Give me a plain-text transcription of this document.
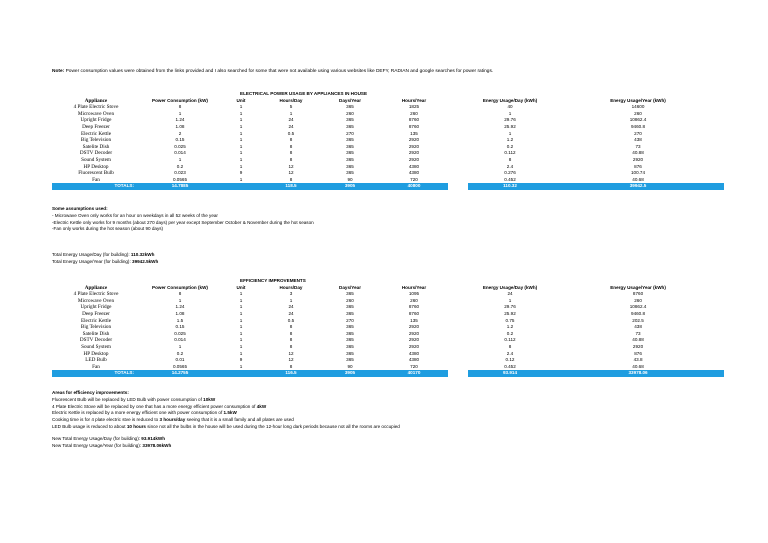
Note: Power consumption values were obtained from the links provided and I also searched for some that were not available using various websites like DEFY, RADIAN and google searches for power ratings.
ELECTRICAL POWER USAGE BY APPLIANCES IN HOUSE								
Appliance	Power Consumption (kW)	Unit	Hours/Day	Days/Year	Hours/Year		Energy Usage/Day (kWh)	Energy Usage/Year (kWh)
4 Plate Electric Stove	8	1	5	365	1825		40	14600
Microwave Oven	1	1	1	260	260		1	260
Upright Fridge	1.24	1	24	365	8760		29.76	10862.4
Deep Freezer	1.08	1	24	365	8760		25.92	9460.8
Electric Kettle	2	1	0.5	270	135		1	270
Big Television	0.15	1	8	365	2920		1.2	438
Satelite Dish	0.025	1	8	365	2920		0.2	73
DSTV Decoder	0.014	1	8	365	2920		0.112	40.88
Sound System	1	1	8	365	2920		8	2920
HP Desktop	0.2	1	12	365	4380		2.4	876
Fluorescent Bulb	0.023	9	12	365	4380		0.276	100.74
Fan	0.0565	1	8	90	720		0.452	40.68
TOTALS:	14.7885		118.5	3905	40800		110.32	39942.5
Some assumptions used:
- Microwave Oven only works for an hour on weekdays in all 52 weeks of the year
-Electric Kettle only works for 9 months (about 270 days) per year except September October & November during the hot season
-Fan only works during the hot season (about 90 days)
Total Energy Usage/Day (for building): 110.32kWh
Total Energy Usage/Year (for building): 39942.5kWh
EFFICIENCY IMPROVEMENTS								
Appliance	Power Consumption (kW)	Unit	Hours/Day	Days/Year	Hours/Year		Energy Usage/Day (kWh)	Energy Usage/Year (kWh)
4 Plate Electric Stove	8	1	3	365	1095		24	8760
Microwave Oven	1	1	1	260	260		1	260
Upright Fridge	1.24	1	24	365	8760		29.76	10862.4
Deep Freezer	1.08	1	24	365	8760		25.92	9460.8
Electric Kettle	1.5	1	0.5	270	135		0.75	202.5
Big Television	0.15	1	8	365	2920		1.2	438
Satelite Dish	0.025	1	8	365	2920		0.2	73
DSTV Decoder	0.014	1	8	365	2920		0.112	40.88
Sound System	1	1	8	365	2920		8	2920
HP Desktop	0.2	1	12	365	4380		2.4	876
LED Bulb	0.01	9	12	365	4380		0.12	43.8
Fan	0.0565	1	8	90	720		0.452	40.68
TOTALS:	14.2755		116.5	3905	40170		93.914	33978.06
Areas for efficiency improvements:
Fluorescent Bulb will be replaced by LED Bulb with power consumption of 10kW
4 Plate Electric Stove will be replaced by one that has a more energy efficient power consumption of 4kW
Electric Kettle is replaced by a more energy efficient one with power consumption of 1.5kW
Cooking time is for 4 plate electric stve is reduced to 3 hours/day seeing that it is a small family and all plates are used
LED Bulb usage is reduced to about 10 hours since not all the bulbs in the house will be used during the 12-hour long dark periods because not all the rooms are occupied
New Total Energy Usage/Day (for building): 93.914kWh
New Total Energy Usage/Year (for building): 33978.06kWh
